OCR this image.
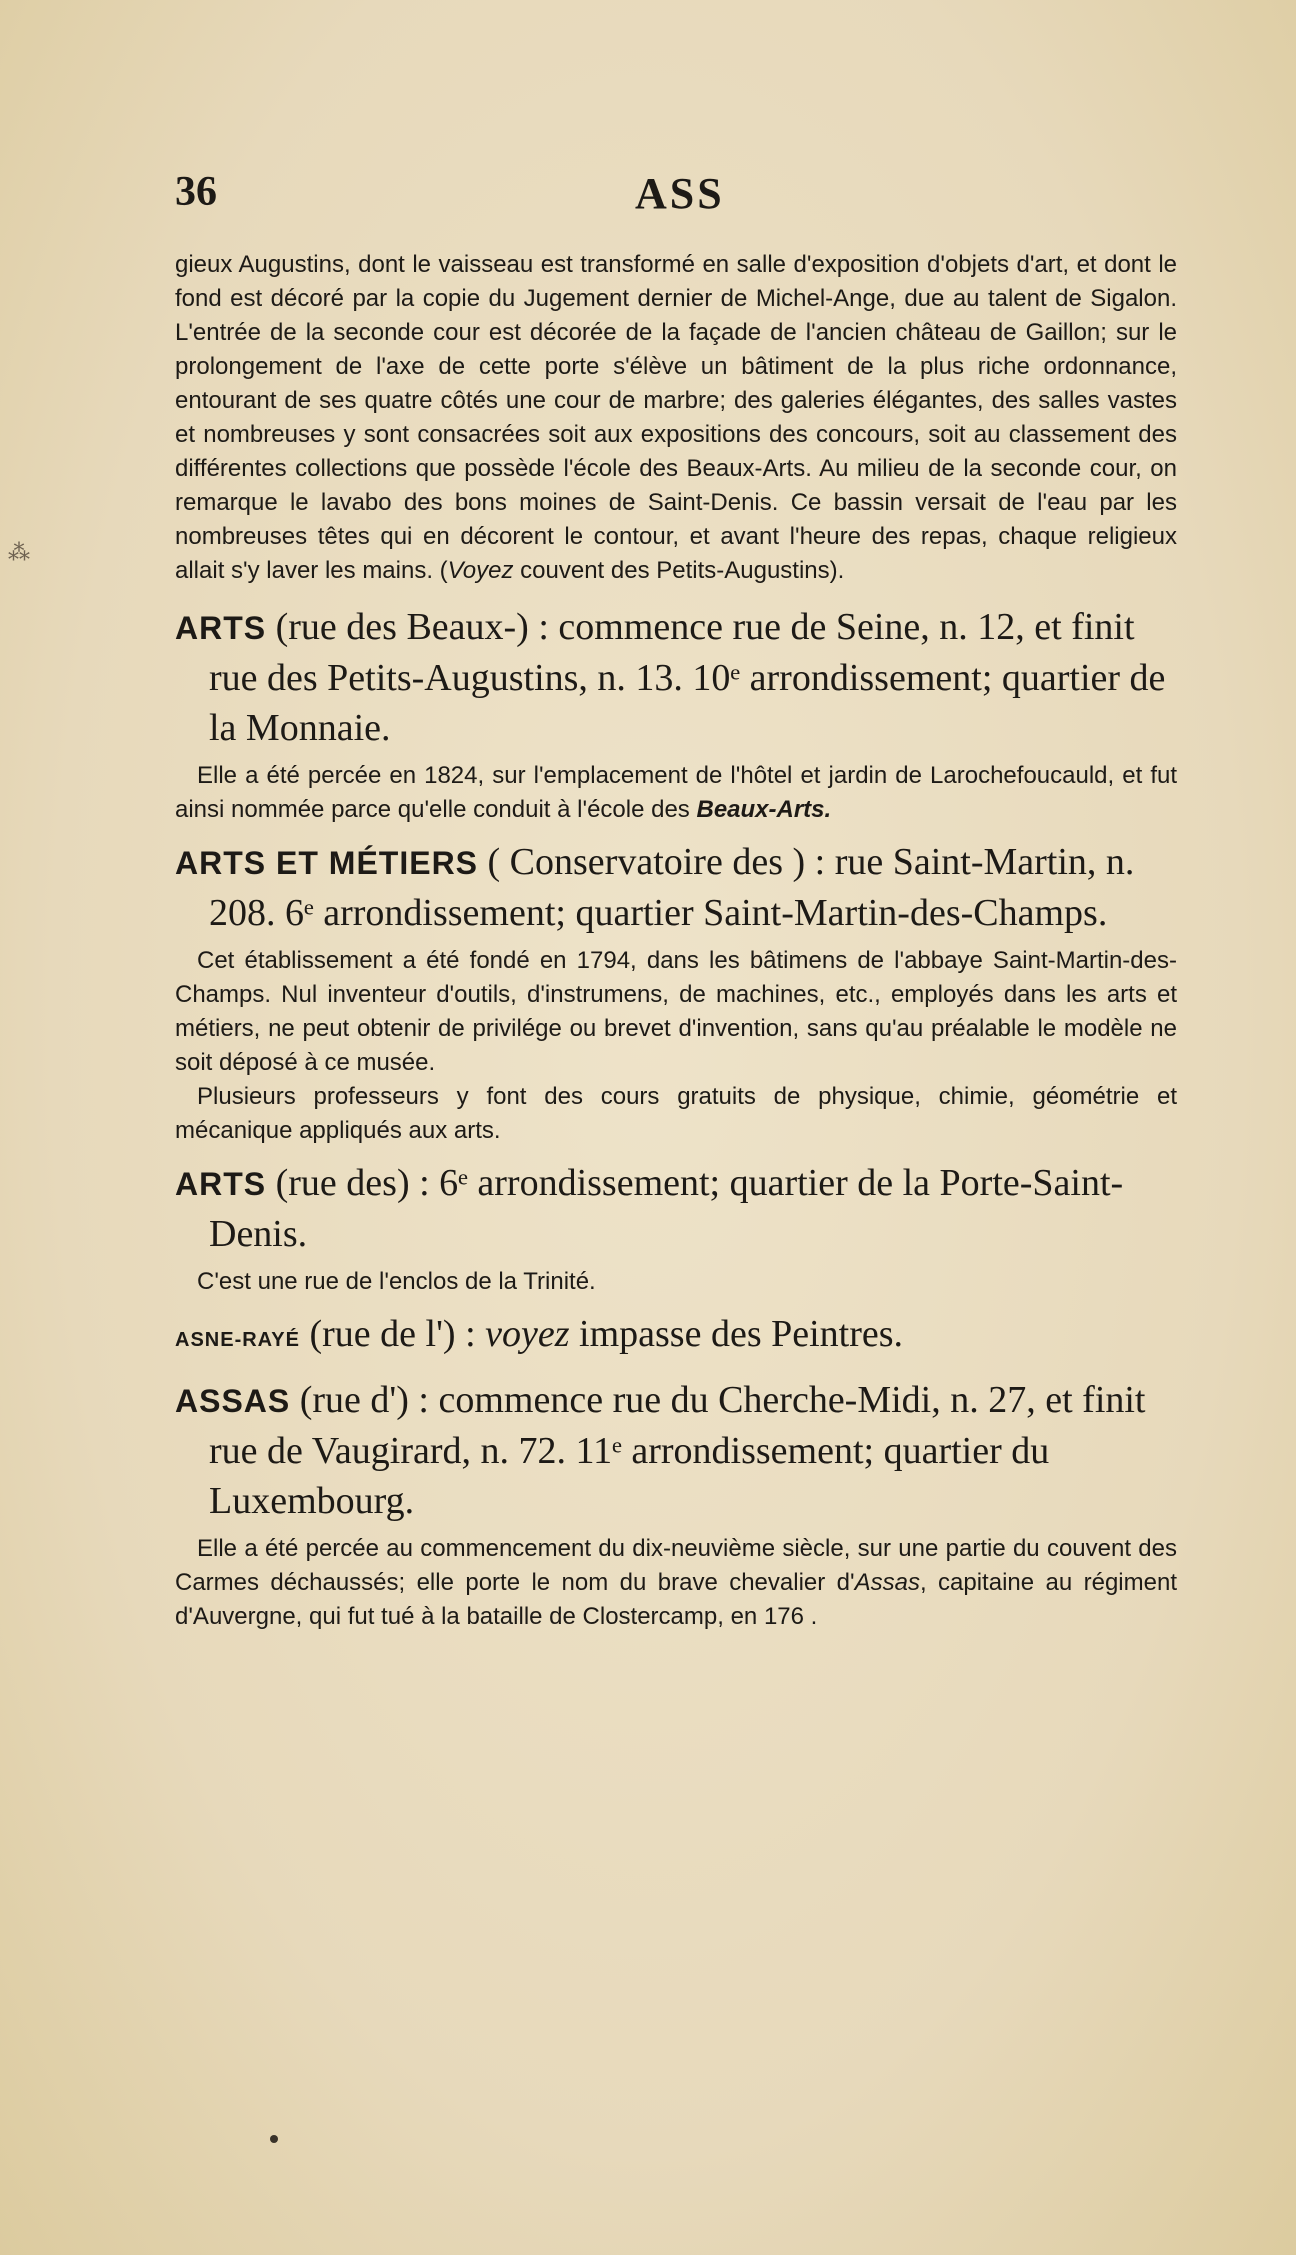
36	ASS
⁂

gieux Augustins, dont le vaisseau est transformé en salle d'exposition d'objets d'art, et dont le fond est décoré par la copie du Jugement dernier de Michel-Ange, due au talent de Sigalon. L'entrée de la seconde cour est décorée de la façade de l'ancien château de Gaillon; sur le prolongement de l'axe de cette porte s'élève un bâtiment de la plus riche ordonnance, entourant de ses quatre côtés une cour de marbre; des galeries élégantes, des salles vastes et nombreuses y sont consacrées soit aux expositions des concours, soit au classement des différentes collections que possède l'école des Beaux-Arts. Au milieu de la seconde cour, on remarque le lavabo des bons moines de Saint-Denis. Ce bassin versait de l'eau par les nombreuses têtes qui en décorent le contour, et avant l'heure des repas, chaque religieux allait s'y laver les mains. (Voyez couvent des Petits-Augustins).

ARTS (rue des Beaux-) : commence rue de Seine, n. 12, et finit rue des Petits-Augustins, n. 13. 10ᵉ arrondissement; quartier de la Monnaie.

Elle a été percée en 1824, sur l'emplacement de l'hôtel et jardin de Larochefoucauld, et fut ainsi nommée parce qu'elle conduit à l'école des Beaux-Arts.

ARTS ET MÉTIERS ( Conservatoire des ) : rue Saint-Martin, n. 208. 6ᵉ arrondissement; quartier Saint-Martin-des-Champs.

Cet établissement a été fondé en 1794, dans les bâtimens de l'abbaye Saint-Martin-des-Champs. Nul inventeur d'outils, d'instrumens, de machines, etc., employés dans les arts et métiers, ne peut obtenir de privilége ou brevet d'invention, sans qu'au préalable le modèle ne soit déposé à ce musée.

Plusieurs professeurs y font des cours gratuits de physique, chimie, géométrie et mécanique appliqués aux arts.

ARTS (rue des) : 6ᵉ arrondissement; quartier de la Porte-Saint-Denis.

C'est une rue de l'enclos de la Trinité.

ASNE-RAYÉ (rue de l') : voyez impasse des Peintres.

ASSAS (rue d') : commence rue du Cherche-Midi, n. 27, et finit rue de Vaugirard, n. 72. 11ᵉ arrondissement; quartier du Luxembourg.

Elle a été percée au commencement du dix-neuvième siècle, sur une partie du couvent des Carmes déchaussés; elle porte le nom du brave chevalier d'Assas, capitaine au régiment d'Auvergne, qui fut tué à la bataille de Clostercamp, en 176 .
